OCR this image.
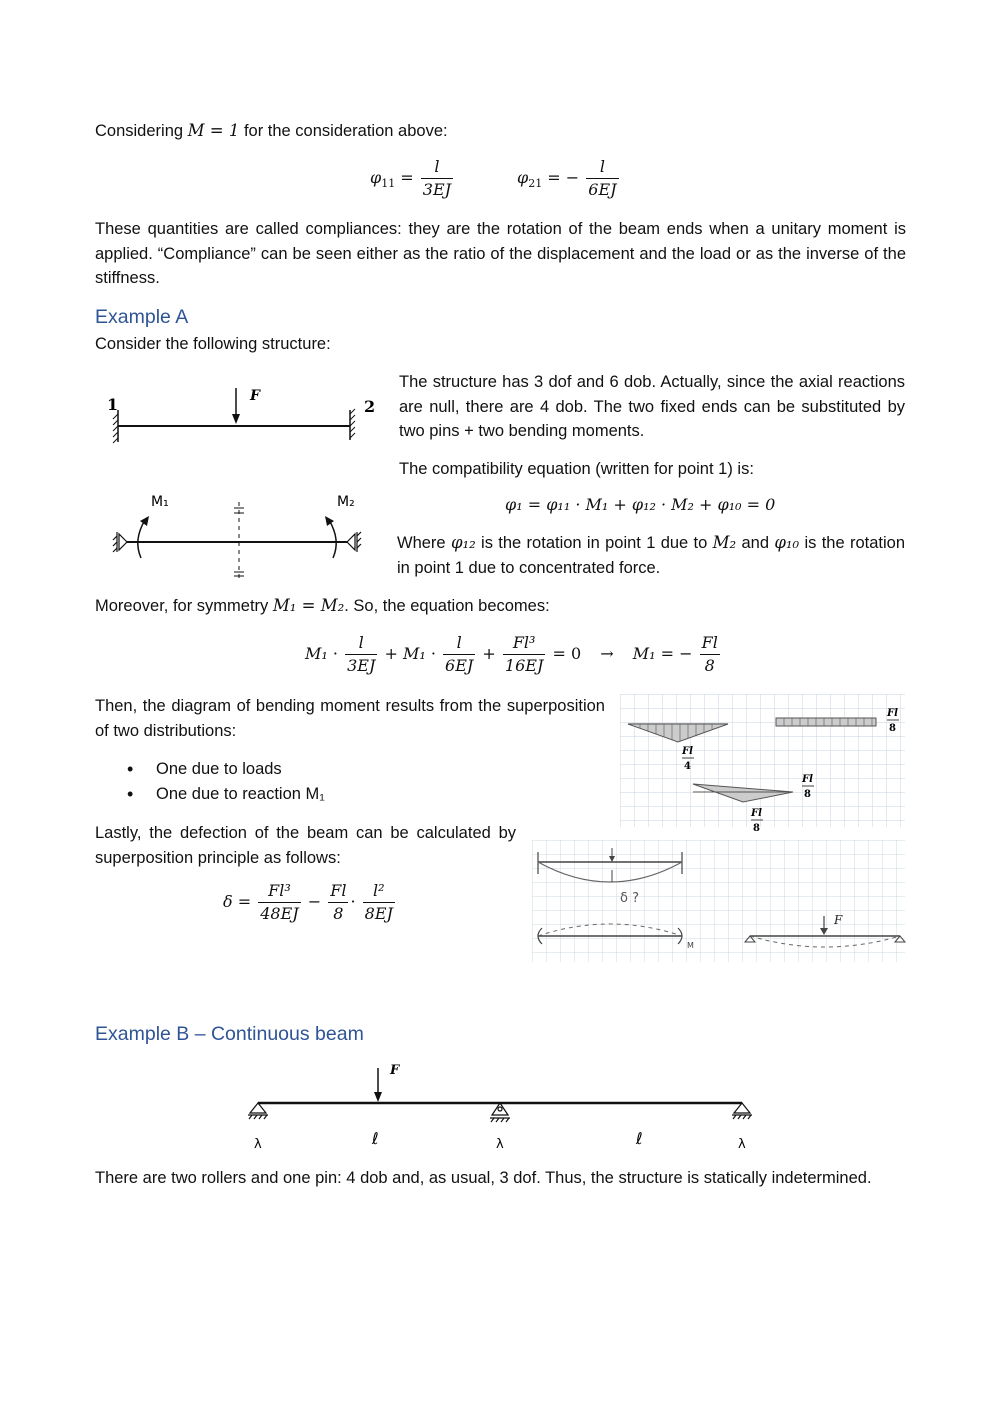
Considering M = 1 for the consideration above:

$\varphi_{11} = \frac{l}{3EJ}$	$\varphi_{21}$ = − $\frac{l}{6EJ}$

These quantities are called compliances: they are the rotation of the beam ends when a unitary moment is applied. “Compliance” can be seen either as the ratio of the displacement and the load or as the inverse of the stiffness.

Example A

Consider the following structure:

1	2
F
M₁	M₂

The structure has 3 dof and 6 dob. Actually, since the axial reactions are null, there are 4 dob. The two fixed ends can be substituted by two pins + two bending moments.

The compatibility equation (written for point 1) is:

φ₁ = φ₁₁ · M₁ + φ₁₂ · M₂ + φ₁₀ = 0

Where φ₁₂ is the rotation in point 1 due to M₂ and φ₁₀ is the rotation in point 1 due to concentrated force.

Moreover, for symmetry M₁ = M₂. So, the equation becomes:

$M_1 \cdot \frac{l}{3EJ} + M_1 \cdot \frac{l}{6EJ} + \frac{\text{Fl³}}{16EJ} = 0 \to M_1$ = − $\frac{Fl}{8}$

Then, the diagram of bending moment results from the superposition of two distributions:

• One due to loads
• One due to reaction M₁

Lastly, the defection of the beam can be calculated by superposition principle as follows:

$\delta = \frac{\text{Fl³}}{48EJ} - \frac{Fl}{8} \cdot \frac{\text{l²}}{8EJ}$
Fl
4
Fl
8
Fl
8
Fl
8
δ ?
M
F
Example B – Continuous beam
F
λ	ℓ	λ	ℓ	λ

There are two rollers and one pin: 4 dob and, as usual, 3 dof. Thus, the structure is statically indetermined.
